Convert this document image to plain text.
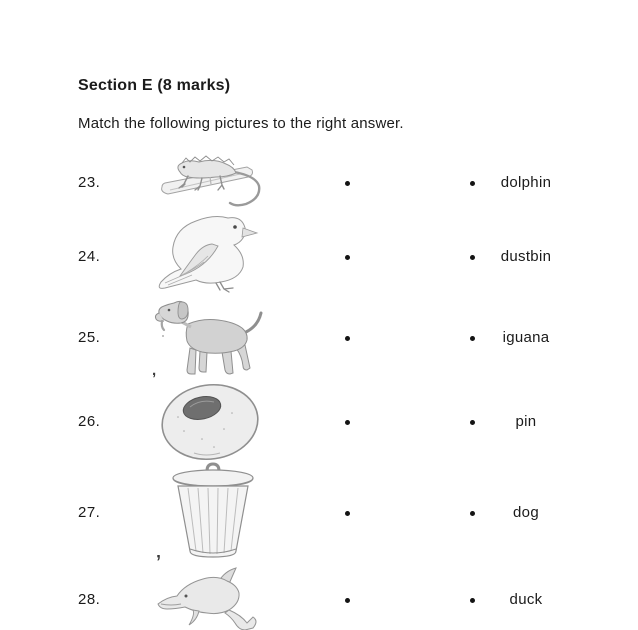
Section E (8 marks)
Match the following pictures to the right answer.
23.	dolphin
24.	dustbin
25.	iguana
,
26.	pin
27.	dog
’
28.	duck
